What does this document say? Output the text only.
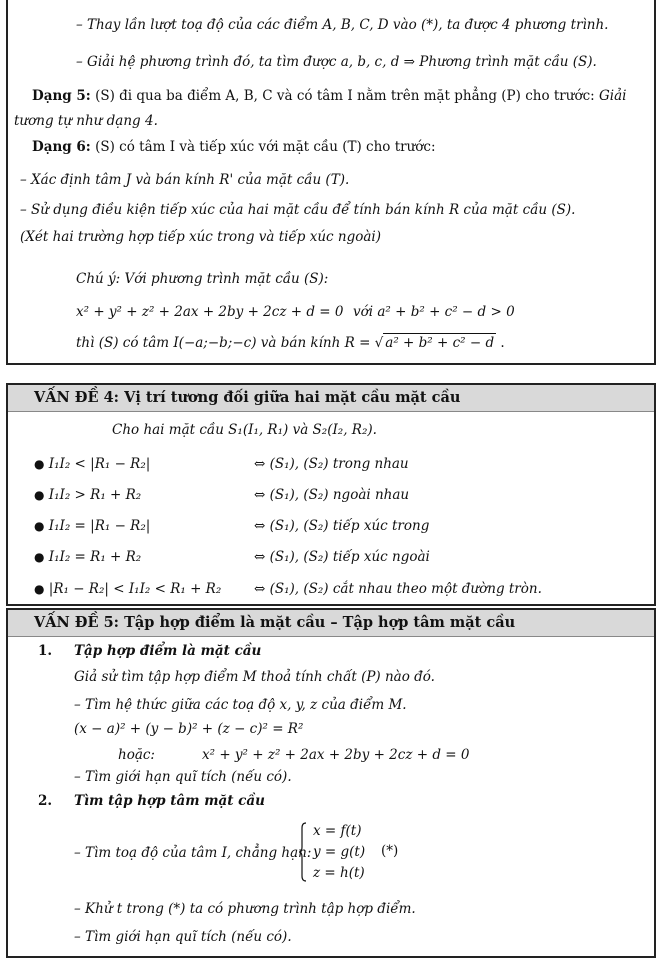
– Thay lần lượt toạ độ của các điểm A, B, C, D vào (*), ta được 4 phương trình.
– Giải hệ phương trình đó, ta tìm được a, b, c, d ⇒ Phương trình mặt cầu (S).
Dạng 5: (S) đi qua ba điểm A, B, C và có tâm I nằm trên mặt phẳng (P) cho trước: Giải
tương tự như dạng 4.
Dạng 6: (S) có tâm I và tiếp xúc với mặt cầu (T) cho trước:
– Xác định tâm J và bán kính R' của mặt cầu (T).
– Sử dụng điều kiện tiếp xúc của hai mặt cầu để tính bán kính R của mặt cầu (S).
(Xét hai trường hợp tiếp xúc trong và tiếp xúc ngoài)
Chú ý: Với phương trình mặt cầu (S):
x² + y² + z² + 2ax + 2by + 2cz + d = 0 với a² + b² + c² − d > 0
thì (S) có tâm I(−a;−b;−c) và bán kính R = √ a² + b² + c² − d .
VẤN ĐỀ 4: Vị trí tương đối giữa hai mặt cầu mặt cầu
Cho hai mặt cầu S₁(I₁, R₁) và S₂(I₂, R₂).
● I₁I₂ < |R₁ − R₂|	⇔ (S₁), (S₂) trong nhau
● I₁I₂ > R₁ + R₂	⇔ (S₁), (S₂) ngoài nhau
● I₁I₂ = |R₁ − R₂|	⇔ (S₁), (S₂) tiếp xúc trong
● I₁I₂ = R₁ + R₂	⇔ (S₁), (S₂) tiếp xúc ngoài
● |R₁ − R₂| < I₁I₂ < R₁ + R₂ ⇔ (S₁), (S₂) cắt nhau theo một đường tròn.
VẤN ĐỀ 5: Tập hợp điểm là mặt cầu – Tập hợp tâm mặt cầu
1. Tập hợp điểm là mặt cầu
Giả sử tìm tập hợp điểm M thoả tính chất (P) nào đó.
– Tìm hệ thức giữa các toạ độ x, y, z của điểm M.
(x − a)² + (y − b)² + (z − c)² = R²
hoặc:	x² + y² + z² + 2ax + 2by + 2cz + d = 0
– Tìm giới hạn quĩ tích (nếu có).
2. Tìm tập hợp tâm mặt cầu
– Tìm toạ độ của tâm I, chẳng hạn:
x = f(t)
y = g(t)
z = h(t)
(*)
– Khử t trong (*) ta có phương trình tập hợp điểm.
– Tìm giới hạn quĩ tích (nếu có).
